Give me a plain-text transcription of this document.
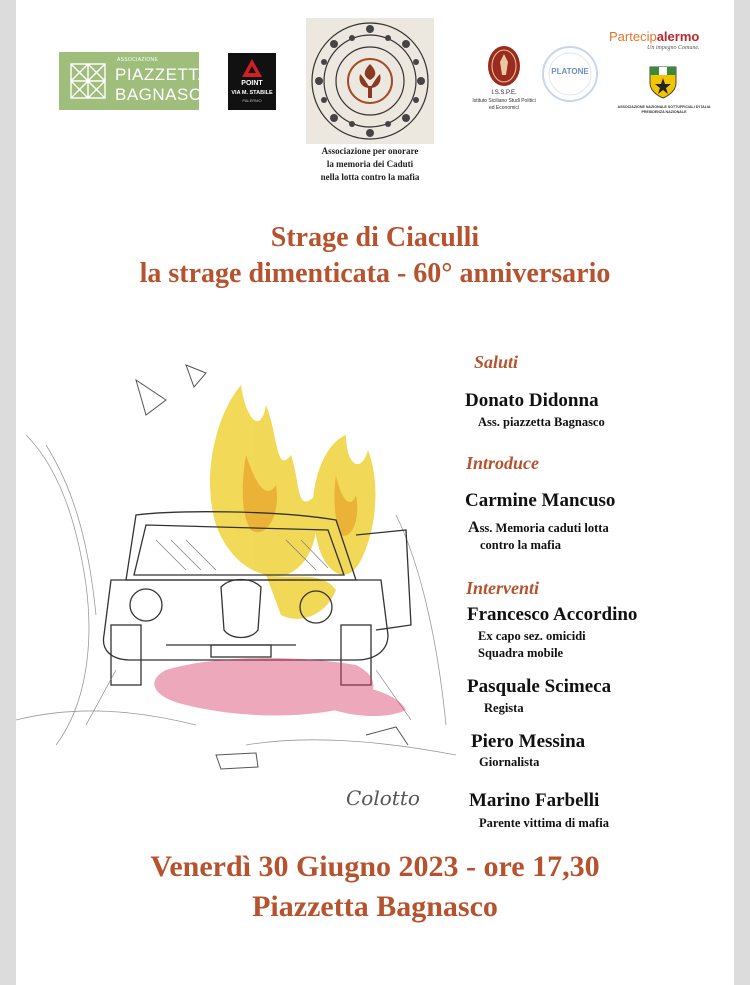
ASSOCIAZIONE
PIAZZETTA
BAGNASCO
POINT
VIA M. STABILE
PALERMO
Associazione per onorare
la memoria dei Caduti
nella lotta contro la mafia
I.S.S.P.E.
Istituto Siciliano Studi Politici
ed Economici
PLATONE
Partecipalermo
Un impegno Comune.
ASSOCIAZIONE NAZIONALE SOTTUFFICIALI D'ITALIA
PRESIDENZA NAZIONALE
Strage di Ciaculli
la strage dimenticata - 60° anniversario
Colotto
Saluti
Donato Didonna
Ass. piazzetta Bagnasco
Introduce
Carmine Mancuso
Ass. Memoria caduti lotta
contro la mafia
Interventi
Francesco Accordino
Ex capo sez. omicidi
Squadra mobile
Pasquale Scimeca
Regista
Piero Messina
Giornalista
Marino Farbelli
Parente vittima di mafia
Venerdì 30 Giugno 2023 - ore 17,30
Piazzetta Bagnasco
